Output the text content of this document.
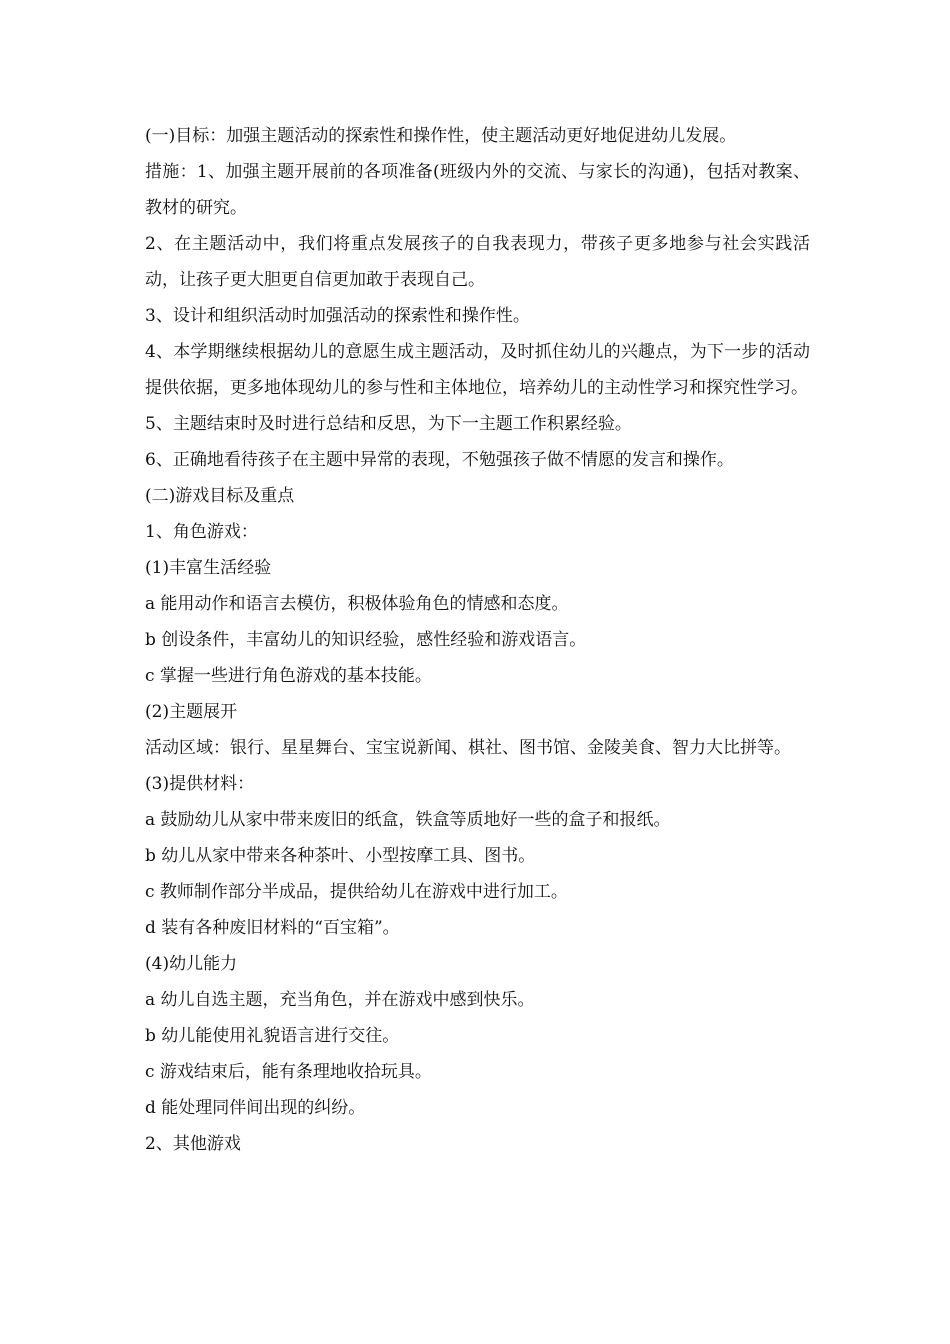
(一)目标：加强主题活动的探索性和操作性，使主题活动更好地促进幼儿发展。

措施：1、加强主题开展前的各项准备(班级内外的交流、与家长的沟通)，包括对教案、教材的研究。

2、在主题活动中，我们将重点发展孩子的自我表现力，带孩子更多地参与社会实践活动，让孩子更大胆更自信更加敢于表现自己。

3、设计和组织活动时加强活动的探索性和操作性。

4、本学期继续根据幼儿的意愿生成主题活动，及时抓住幼儿的兴趣点，为下一步的活动提供依据，更多地体现幼儿的参与性和主体地位，培养幼儿的主动性学习和探究性学习。

5、主题结束时及时进行总结和反思，为下一主题工作积累经验。

6、正确地看待孩子在主题中异常的表现，不勉强孩子做不情愿的发言和操作。

(二)游戏目标及重点

1、角色游戏：

(1)丰富生活经验

a 能用动作和语言去模仿，积极体验角色的情感和态度。

b 创设条件，丰富幼儿的知识经验，感性经验和游戏语言。

c 掌握一些进行角色游戏的基本技能。

(2)主题展开

活动区域：银行、星星舞台、宝宝说新闻、棋社、图书馆、金陵美食、智力大比拼等。

(3)提供材料：

a 鼓励幼儿从家中带来废旧的纸盒，铁盒等质地好一些的盒子和报纸。

b 幼儿从家中带来各种茶叶、小型按摩工具、图书。

c 教师制作部分半成品，提供给幼儿在游戏中进行加工。

d 装有各种废旧材料的“百宝箱”。

(4)幼儿能力

a 幼儿自选主题，充当角色，并在游戏中感到快乐。

b 幼儿能使用礼貌语言进行交往。

c 游戏结束后，能有条理地收拾玩具。

d 能处理同伴间出现的纠纷。

2、其他游戏
